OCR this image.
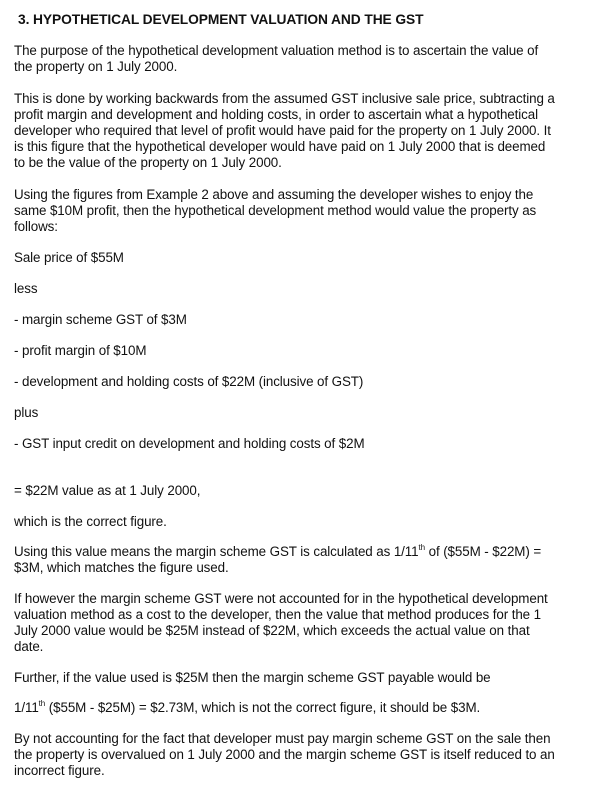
3. HYPOTHETICAL DEVELOPMENT VALUATION AND THE GST
The purpose of the hypothetical development valuation method is to ascertain the value of
the property on 1 July 2000.
This is done by working backwards from the assumed GST inclusive sale price, subtracting a
profit margin and development and holding costs, in order to ascertain what a hypothetical
developer who required that level of profit would have paid for the property on 1 July 2000. It
is this figure that the hypothetical developer would have paid on 1 July 2000 that is deemed
to be the value of the property on 1 July 2000.
Using the figures from Example 2 above and assuming the developer wishes to enjoy the
same $10M profit, then the hypothetical development method would value the property as
follows:
Sale price of $55M
less
- margin scheme GST of $3M
- profit margin of $10M
- development and holding costs of $22M (inclusive of GST)
plus
- GST input credit on development and holding costs of $2M
= $22M value as at 1 July 2000,
which is the correct figure.
Using this value means the margin scheme GST is calculated as 1/11th of ($55M - $22M) =
$3M, which matches the figure used.
If however the margin scheme GST were not accounted for in the hypothetical development
valuation method as a cost to the developer, then the value that method produces for the 1
July 2000 value would be $25M instead of $22M, which exceeds the actual value on that
date.
Further, if the value used is $25M then the margin scheme GST payable would be
1/11th ($55M - $25M) = $2.73M, which is not the correct figure, it should be $3M.
By not accounting for the fact that developer must pay margin scheme GST on the sale then
the property is overvalued on 1 July 2000 and the margin scheme GST is itself reduced to an
incorrect figure.
